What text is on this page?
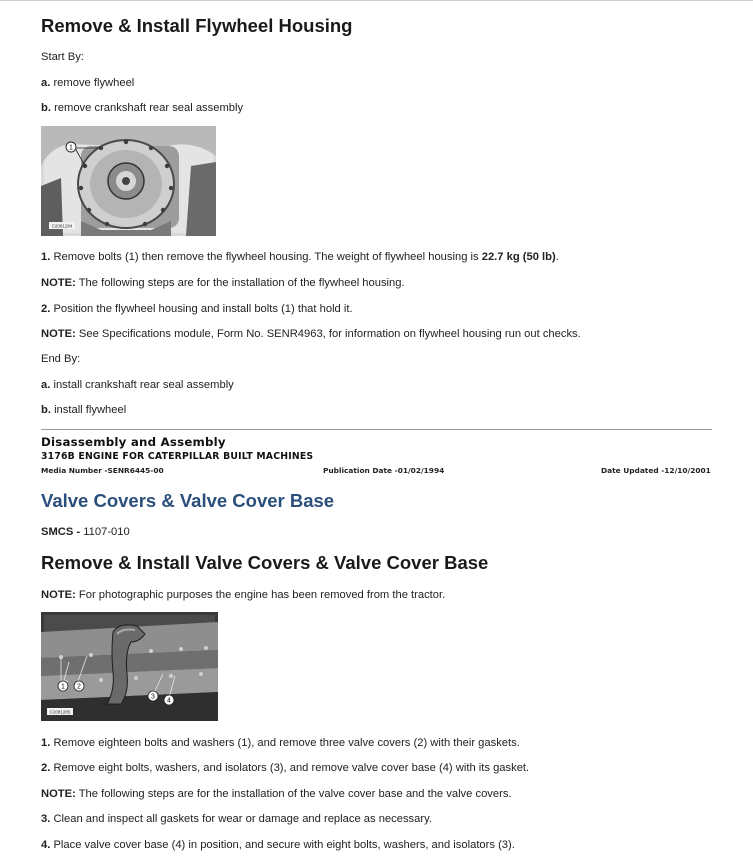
Remove & Install Flywheel Housing
Start By:
a. remove flywheel
b. remove crankshaft rear seal assembly
1
C2081284
1. Remove bolts (1) then remove the flywheel housing. The weight of flywheel housing is 22.7 kg (50 lb).
NOTE: The following steps are for the installation of the flywheel housing.
2. Position the flywheel housing and install bolts (1) that hold it.
NOTE: See Specifications module, Form No. SENR4963, for information on flywheel housing run out checks.
End By:
a. install crankshaft rear seal assembly
b. install flywheel
Disassembly and Assembly
3176B ENGINE FOR CATERPILLAR BUILT MACHINES
Media Number -SENR6445-00	Publication Date -01/02/1994	Date Updated -12/10/2001
Valve Covers & Valve Cover Base
SMCS - 1107-010
Remove & Install Valve Covers & Valve Cover Base
NOTE: For photographic purposes the engine has been removed from the tractor.
1 2
3
4
C2081285
1. Remove eighteen bolts and washers (1), and remove three valve covers (2) with their gaskets.
2. Remove eight bolts, washers, and isolators (3), and remove valve cover base (4) with its gasket.
NOTE: The following steps are for the installation of the valve cover base and the valve covers.
3. Clean and inspect all gaskets for wear or damage and replace as necessary.
4. Place valve cover base (4) in position, and secure with eight bolts, washers, and isolators (3).
